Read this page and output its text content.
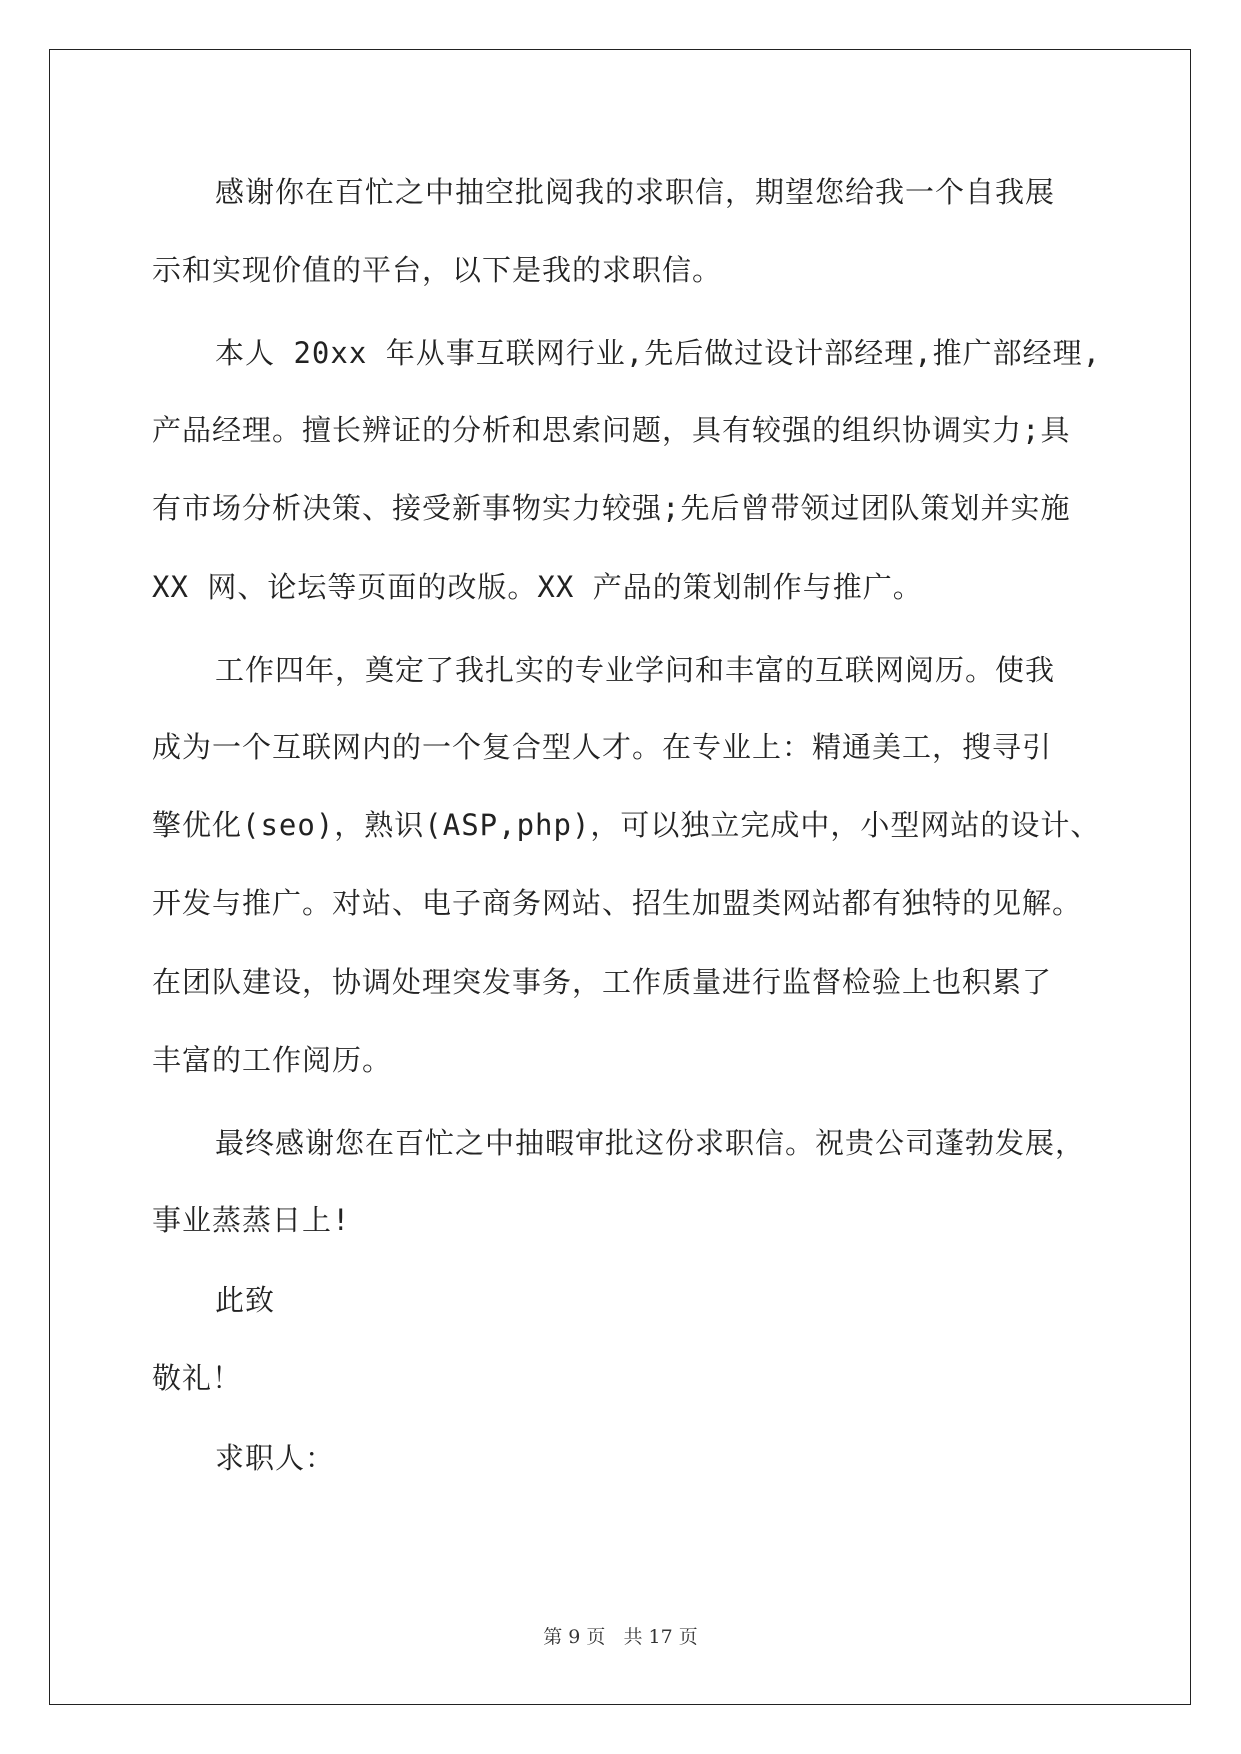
感谢你在百忙之中抽空批阅我的求职信，期望您给我一个自我展
示和实现价值的平台，以下是我的求职信。
本人 20xx 年从事互联网行业,先后做过设计部经理,推广部经理,
产品经理。擅长辨证的分析和思索问题，具有较强的组织协调实力;具
有市场分析决策、接受新事物实力较强;先后曾带领过团队策划并实施
XX 网、论坛等页面的改版。XX 产品的策划制作与推广。
工作四年，奠定了我扎实的专业学问和丰富的互联网阅历。使我
成为一个互联网内的一个复合型人才。在专业上：精通美工，搜寻引
擎优化(seo)，熟识(ASP,php)，可以独立完成中，小型网站的设计、
开发与推广。对站、电子商务网站、招生加盟类网站都有独特的见解。
在团队建设，协调处理突发事务，工作质量进行监督检验上也积累了
丰富的工作阅历。
最终感谢您在百忙之中抽暇审批这份求职信。祝贵公司蓬勃发展，
事业蒸蒸日上!
此致
敬礼！
求职人：
第 9 页 共 17 页
